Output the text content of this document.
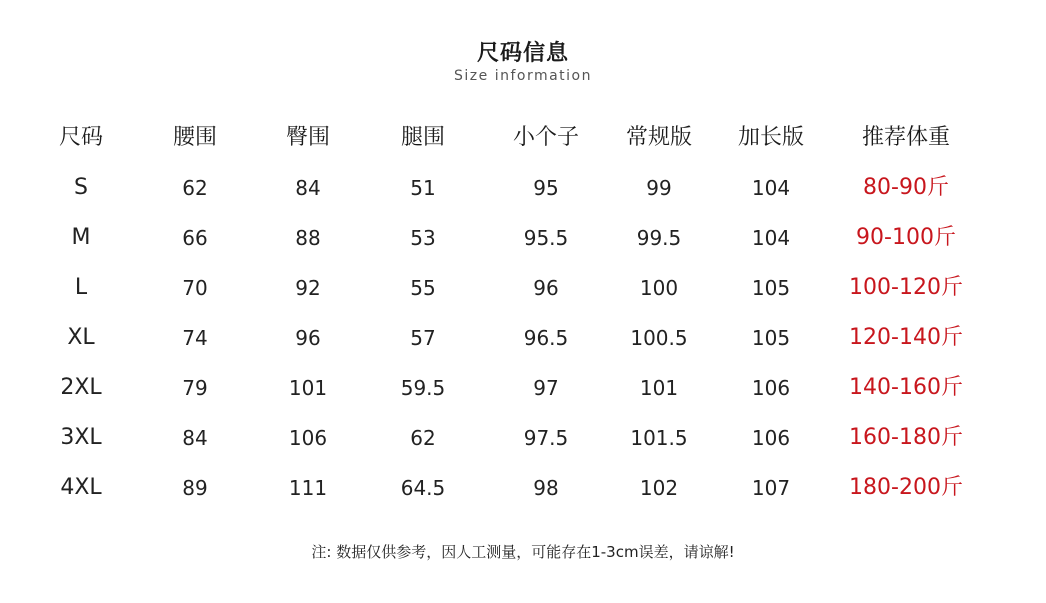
尺码信息
Size information
尺码	腰围	臀围	腿围	小个子	常规版	加长版	推荐体重
S	62	84	51	95	99	104	80-90斤
M	66	88	53	95.5	99.5	104	90-100斤
L	70	92	55	96	100	105	100-120斤
XL	74	96	57	96.5	100.5	105	120-140斤
2XL	79	101	59.5	97	101	106	140-160斤
3XL	84	106	62	97.5	101.5	106	160-180斤
4XL	89	111	64.5	98	102	107	180-200斤
注: 数据仅供参考，因人工测量，可能存在1-3cm误差，请谅解!
